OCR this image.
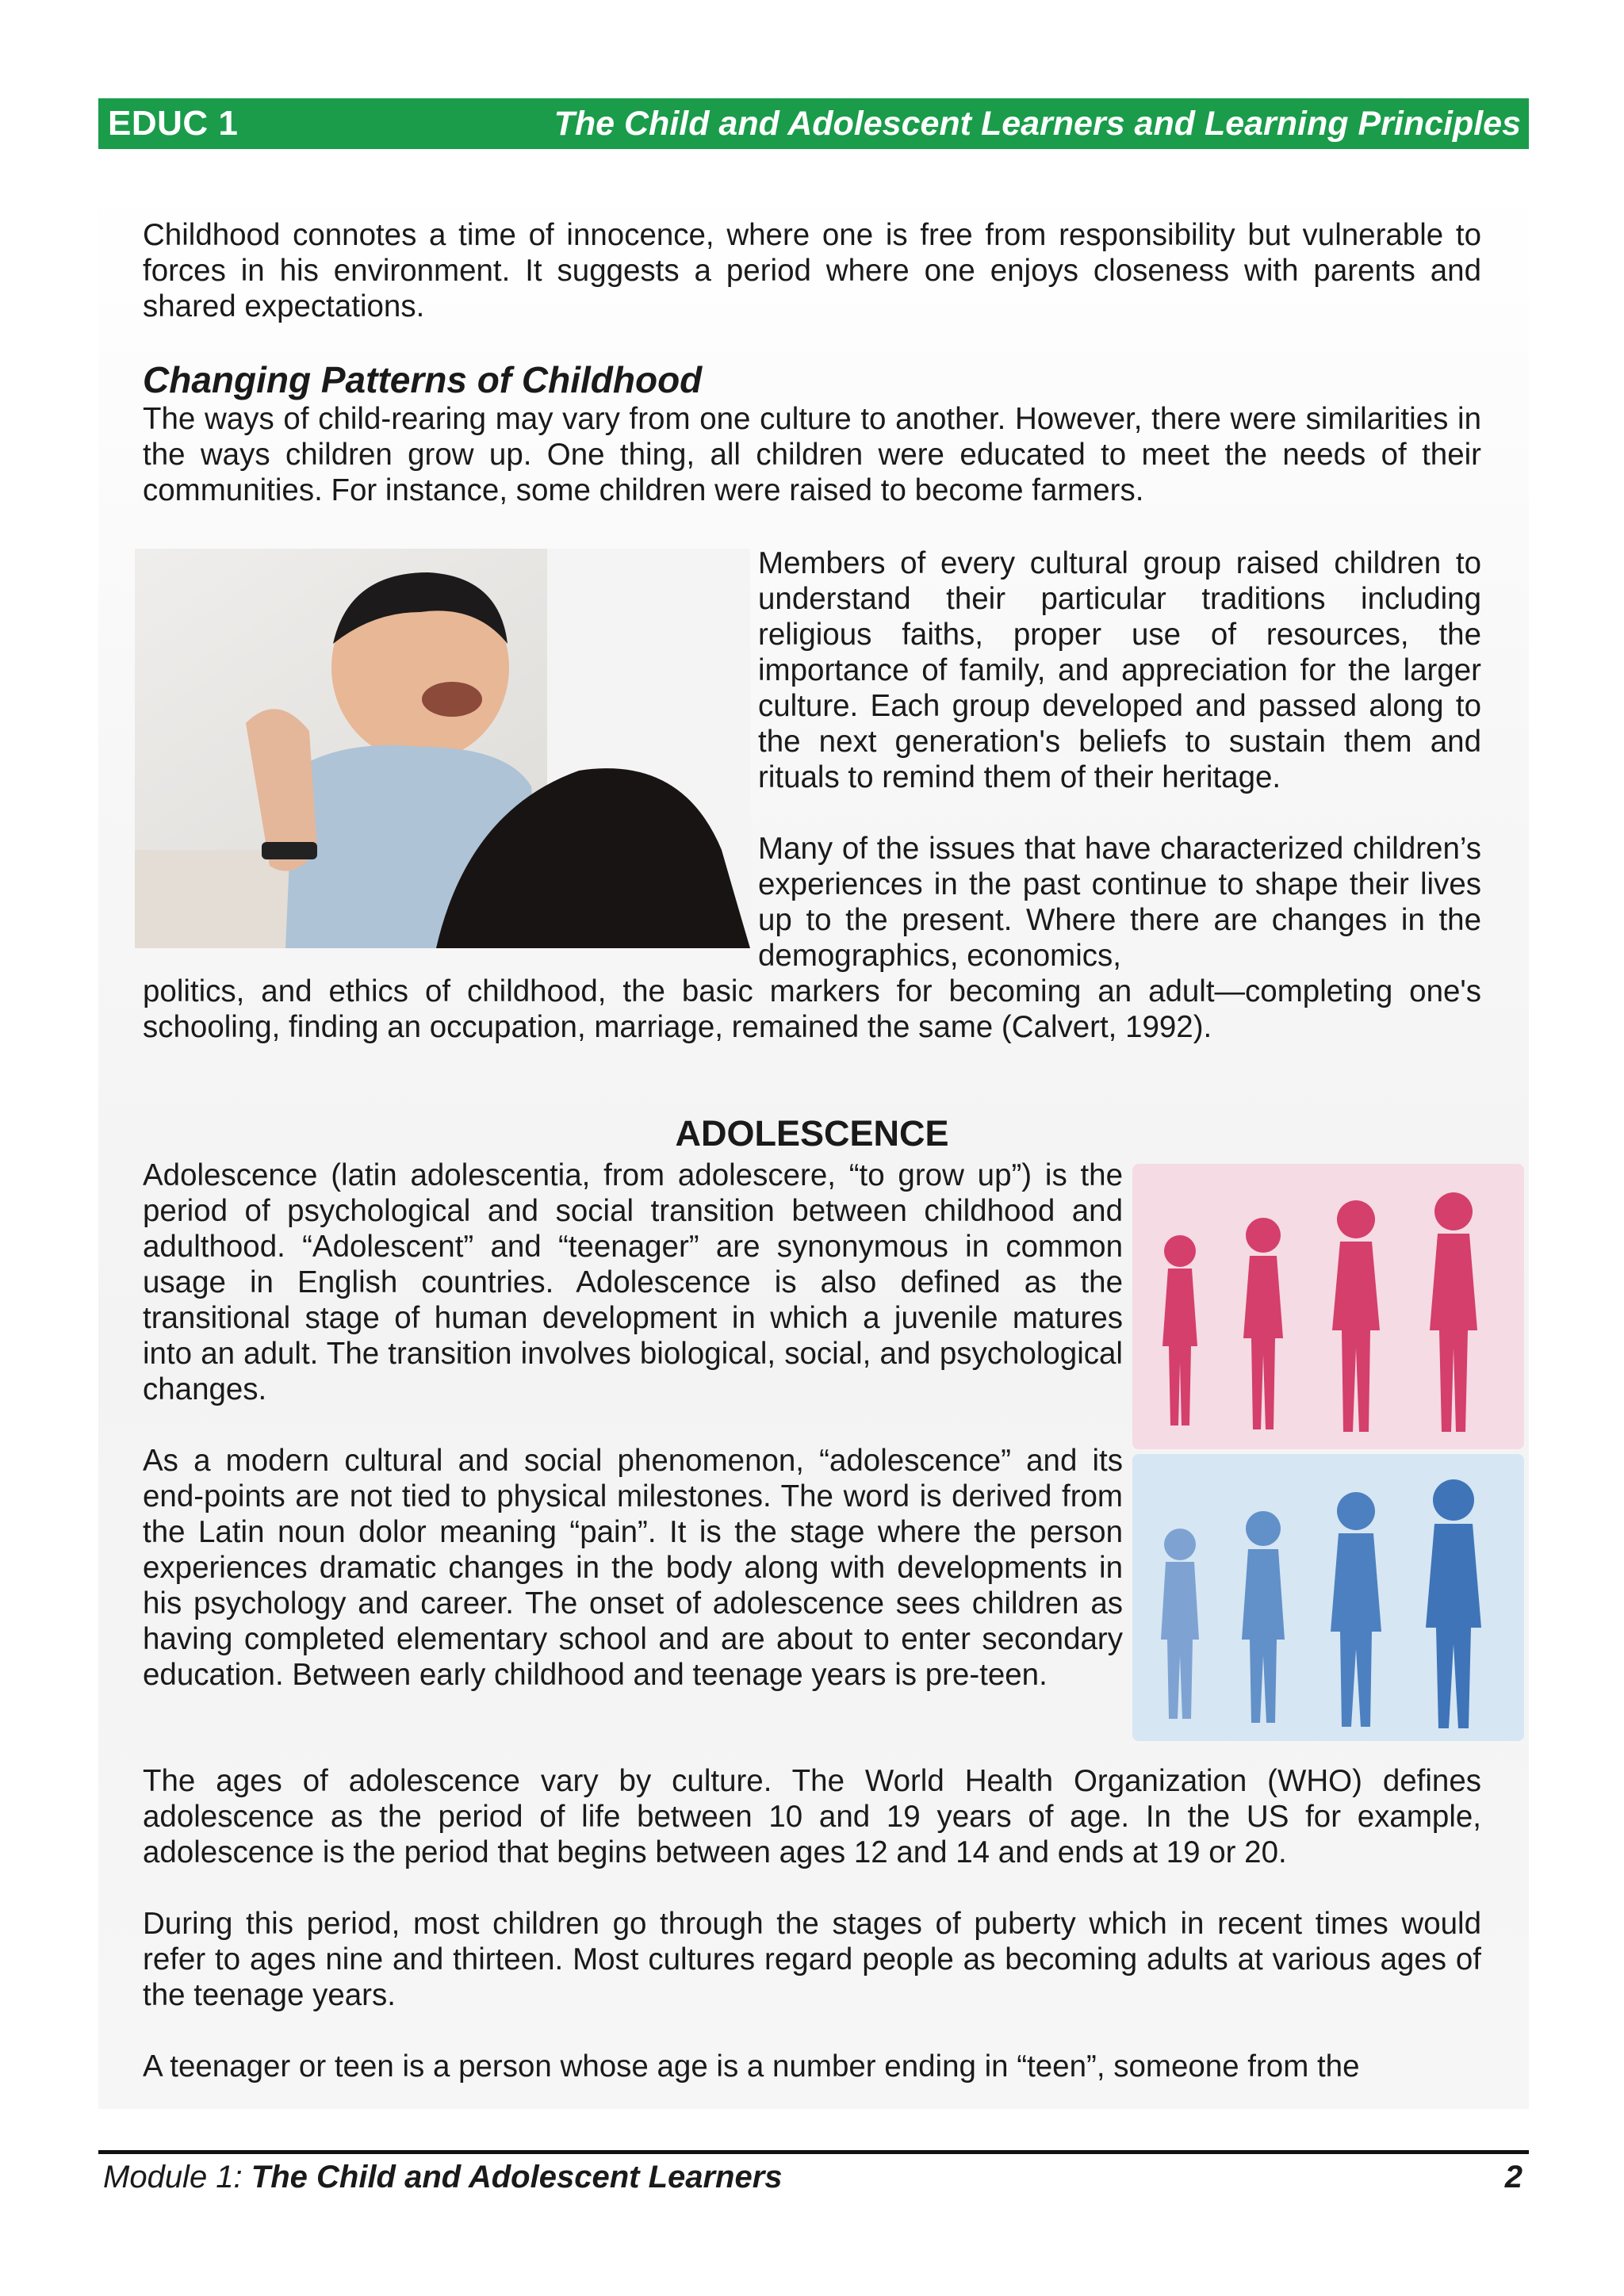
EDUC 1	The Child and Adolescent Learners and Learning Principles
Childhood connotes a time of innocence, where one is free from responsibility but vulnerable to forces in his environment. It suggests a period where one enjoys closeness with parents and shared expectations.
Changing Patterns of Childhood
The ways of child-rearing may vary from one culture to another. However, there were similarities in the ways children grow up. One thing, all children were educated to meet the needs of their communities. For instance, some children were raised to become farmers.
Members of every cultural group raised children to understand their particular traditions including religious faiths, proper use of resources, the importance of family, and appreciation for the larger culture. Each group developed and passed along to the next generation's beliefs to sustain them and rituals to remind them of their heritage.
Many of the issues that have characterized children’s experiences in the past continue to shape their lives up to the present. Where there are changes in the demographics, economics,
politics, and ethics of childhood, the basic markers for becoming an adult—completing one's schooling, finding an occupation, marriage, remained the same (Calvert, 1992).
ADOLESCENCE
Adolescence (latin adolescentia, from adolescere, “to grow up”) is the period of psychological and social transition between childhood and adulthood. “Adolescent” and “teenager” are synonymous in common usage in English countries. Adolescence is also defined as the transitional stage of human development in which a juvenile matures into an adult. The transition involves biological, social, and psychological changes.
As a modern cultural and social phenomenon, “adolescence” and its end-points are not tied to physical milestones. The word is derived from the Latin noun dolor meaning “pain”. It is the stage where the person experiences dramatic changes in the body along with developments in his psychology and career. The onset of adolescence sees children as having completed elementary school and are about to enter secondary education. Between early childhood and teenage years is pre-teen.
The ages of adolescence vary by culture. The World Health Organization (WHO) defines adolescence as the period of life between 10 and 19 years of age. In the US for example, adolescence is the period that begins between ages 12 and 14 and ends at 19 or 20.
During this period, most children go through the stages of puberty which in recent times would refer to ages nine and thirteen. Most cultures regard people as becoming adults at various ages of the teenage years.
A teenager or teen is a person whose age is a number ending in “teen”, someone from the
Module 1: The Child and Adolescent Learners	2
